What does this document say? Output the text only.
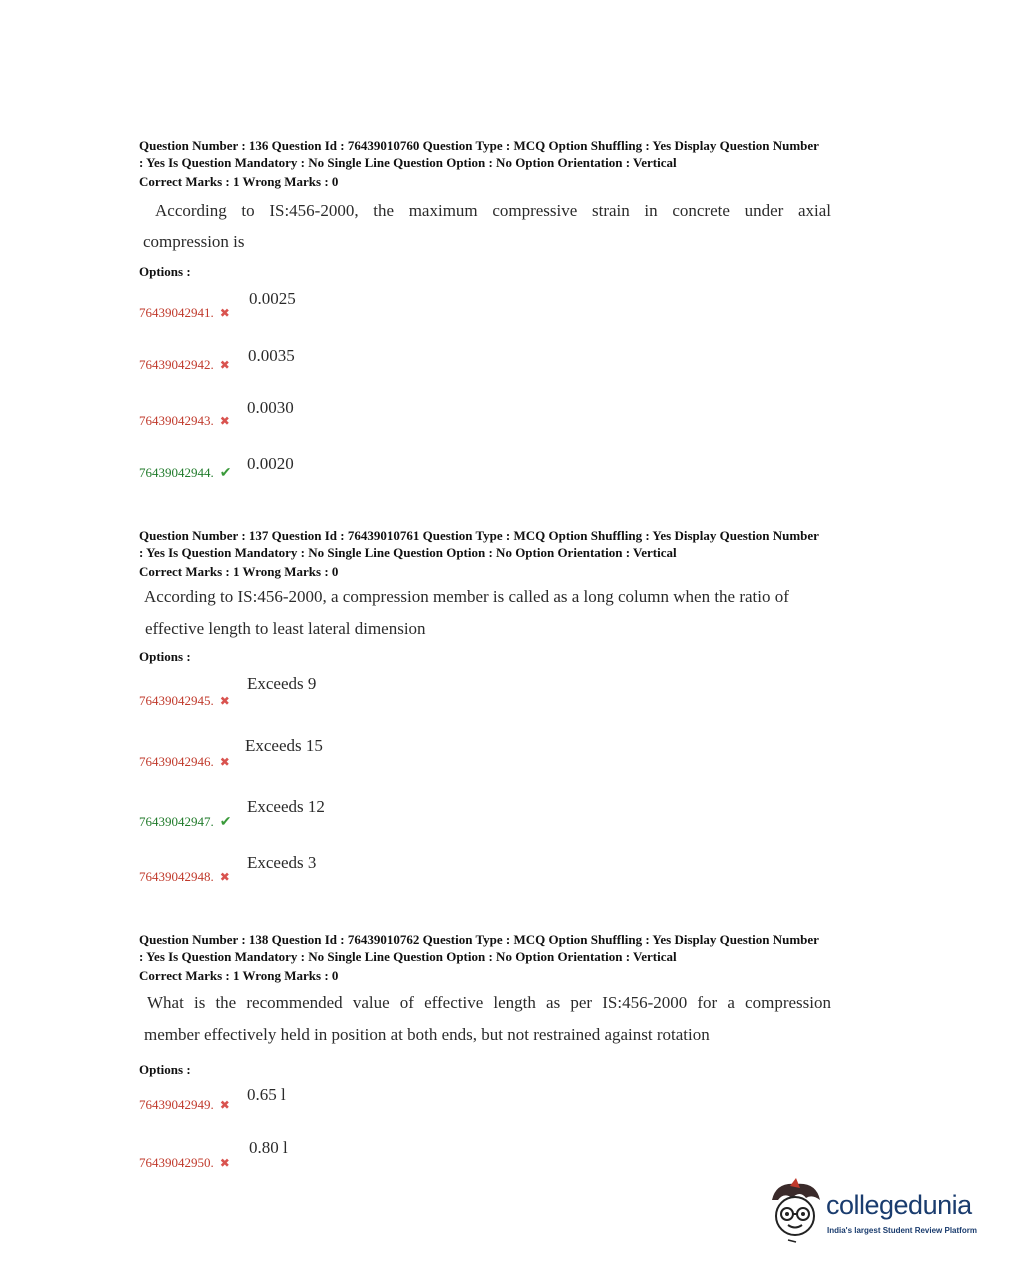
Question Number : 136 Question Id : 76439010760 Question Type : MCQ Option Shuffling : Yes Display Question Number
: Yes Is Question Mandatory : No Single Line Question Option : No Option Orientation : Vertical
Correct Marks : 1 Wrong Marks : 0
According to IS:456-2000, the maximum compressive strain in concrete under axial
compression is
Options :
76439042941. ✖
0.0025
76439042942. ✖ 0.0035
76439042943. ✖
0.0030
76439042944. ✔
0.0020
Question Number : 137 Question Id : 76439010761 Question Type : MCQ Option Shuffling : Yes Display Question Number
: Yes Is Question Mandatory : No Single Line Question Option : No Option Orientation : Vertical
Correct Marks : 1 Wrong Marks : 0
According to IS:456-2000, a compression member is called as a long column when the ratio of
effective length to least lateral dimension
Options :
76439042945. ✖
Exceeds 9
76439042946. ✖
Exceeds 15
76439042947. ✔
Exceeds 12
76439042948. ✖
Exceeds 3
Question Number : 138 Question Id : 76439010762 Question Type : MCQ Option Shuffling : Yes Display Question Number
: Yes Is Question Mandatory : No Single Line Question Option : No Option Orientation : Vertical
Correct Marks : 1 Wrong Marks : 0
What is the recommended value of effective length as per IS:456-2000 for a compression
member effectively held in position at both ends, but not restrained against rotation
Options :
76439042949. ✖
0.65 l
76439042950. ✖
0.80 l
collegedunia
India's largest Student Review Platform
